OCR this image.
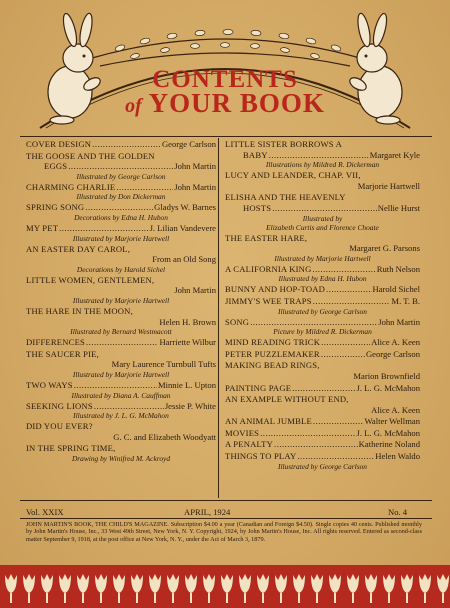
CONTENTS
of YOUR BOOK
COVER DESIGN .....	George Carlson
THE GOOSE AND THE GOLDEN
EGGS .....	John Martin
Illustrated by George Carlson
CHARMING CHARLIE .....	John Martin
Illustrated by Don Dickerman
SPRING SONG .....	Gladys W. Barnes
Decorations by Edna H. Hubon
MY PET .....	J. Lilian Vandevere
Illustrated by Marjorie Hartwell
AN EASTER DAY CAROL,
From an Old Song
Decorations by Harold Sichel
LITTLE WOMEN, GENTLEMEN,
John Martin
Illustrated by Marjorie Hartwell
THE HARE IN THE MOON,
Helen H. Brown
Illustrated by Bernard Westmacott
DIFFERENCES .....	Harriette Wilbur
THE SAUCER PIE,
Mary Laurence Turnbull Tufts
Illustrated by Marjorie Hartwell
TWO WAYS .....	Minnie L. Upton
Illustrated by Diana A. Cauffman
SEEKING LIONS .....	Jessie P. White
Illustrated by J. L. G. McMahon
DID YOU EVER?
G. C. and Elizabeth Woodyatt
IN THE SPRING TIME,
Drawing by Winifred M. Ackroyd
LITTLE SISTER BORROWS A
BABY .....	Margaret Kyle
Illustrations by Mildred R. Dickerman
LUCY AND LEANDER, CHAP. VII,
Marjorie Hartwell
ELISHA AND THE HEAVENLY
HOSTS .....	Nellie Hurst
Illustrated by
Elizabeth Curtis and Florence Choate
THE EASTER HARE,
Margaret G. Parsons
Illustrated by Marjorie Hartwell
A CALIFORNIA KING .....	Ruth Nelson
Illustrated by Edna H. Hubon
BUNNY AND HOP-TOAD .....	Harold Sichel
JIMMY'S WEE TRAPS .....	M. T. B.
Illustrated by George Carlson
SONG .....	John Martin
Picture by Mildred R. Dickerman
MIND READING TRICK .....	Alice A. Keen
PETER PUZZLEMAKER .....	George Carlson
MAKING BEAD RINGS,
Marion Brownfield
PAINTING PAGE .....	J. L. G. McMahon
AN EXAMPLE WITHOUT END,
Alice A. Keen
AN ANIMAL JUMBLE .....	Walter Wellman
MOVIES .....	J. L. G. McMahon
A PENALTY .....	Katherine Noland
THINGS TO PLAY .....	Helen Waldo
Illustrated by George Carlson
Vol. XXIX	APRIL, 1924	No. 4
JOHN MARTIN'S BOOK, THE CHILD'S MAGAZINE. Subscription $4.00 a year (Canadian and Foreign $4.50). Single copies 40 cents. Published monthly by John Martin's House, Inc., 33 West 49th Street, New York, N. Y. Copyright, 1924, by John Martin's House, Inc. All rights reserved. Entered as second-class matter September 9, 1918, at the post office at New York, N. Y., under the Act of March 3, 1879.
